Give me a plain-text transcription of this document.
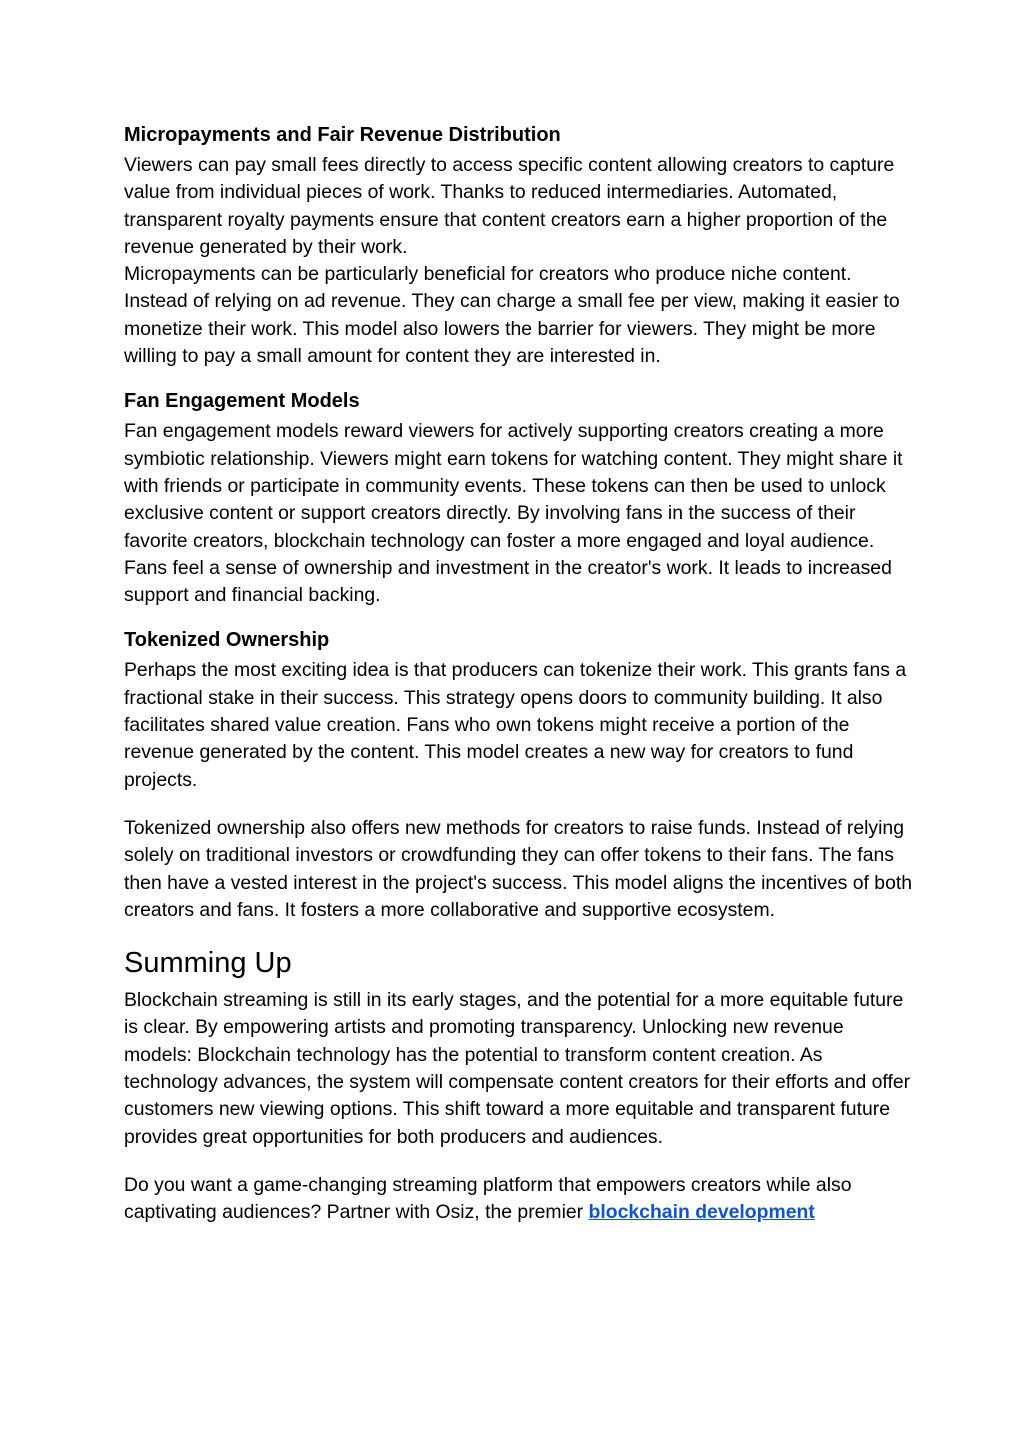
Micropayments and Fair Revenue Distribution

Viewers can pay small fees directly to access specific content allowing creators to capture value from individual pieces of work. Thanks to reduced intermediaries. Automated, transparent royalty payments ensure that content creators earn a higher proportion of the revenue generated by their work.

Micropayments can be particularly beneficial for creators who produce niche content. Instead of relying on ad revenue. They can charge a small fee per view, making it easier to monetize their work. This model also lowers the barrier for viewers. They might be more willing to pay a small amount for content they are interested in.

Fan Engagement Models

Fan engagement models reward viewers for actively supporting creators creating a more symbiotic relationship. Viewers might earn tokens for watching content. They might share it with friends or participate in community events. These tokens can then be used to unlock exclusive content or support creators directly. By involving fans in the success of their favorite creators, blockchain technology can foster a more engaged and loyal audience. Fans feel a sense of ownership and investment in the creator's work. It leads to increased support and financial backing.

Tokenized Ownership

Perhaps the most exciting idea is that producers can tokenize their work. This grants fans a fractional stake in their success. This strategy opens doors to community building. It also facilitates shared value creation. Fans who own tokens might receive a portion of the revenue generated by the content. This model creates a new way for creators to fund projects.

Tokenized ownership also offers new methods for creators to raise funds. Instead of relying solely on traditional investors or crowdfunding they can offer tokens to their fans. The fans then have a vested interest in the project's success. This model aligns the incentives of both creators and fans. It fosters a more collaborative and supportive ecosystem.

Summing Up

Blockchain streaming is still in its early stages, and the potential for a more equitable future is clear. By empowering artists and promoting transparency. Unlocking new revenue models: Blockchain technology has the potential to transform content creation. As technology advances, the system will compensate content creators for their efforts and offer customers new viewing options. This shift toward a more equitable and transparent future provides great opportunities for both producers and audiences.

Do you want a game-changing streaming platform that empowers creators while also captivating audiences? Partner with Osiz, the premier blockchain development
